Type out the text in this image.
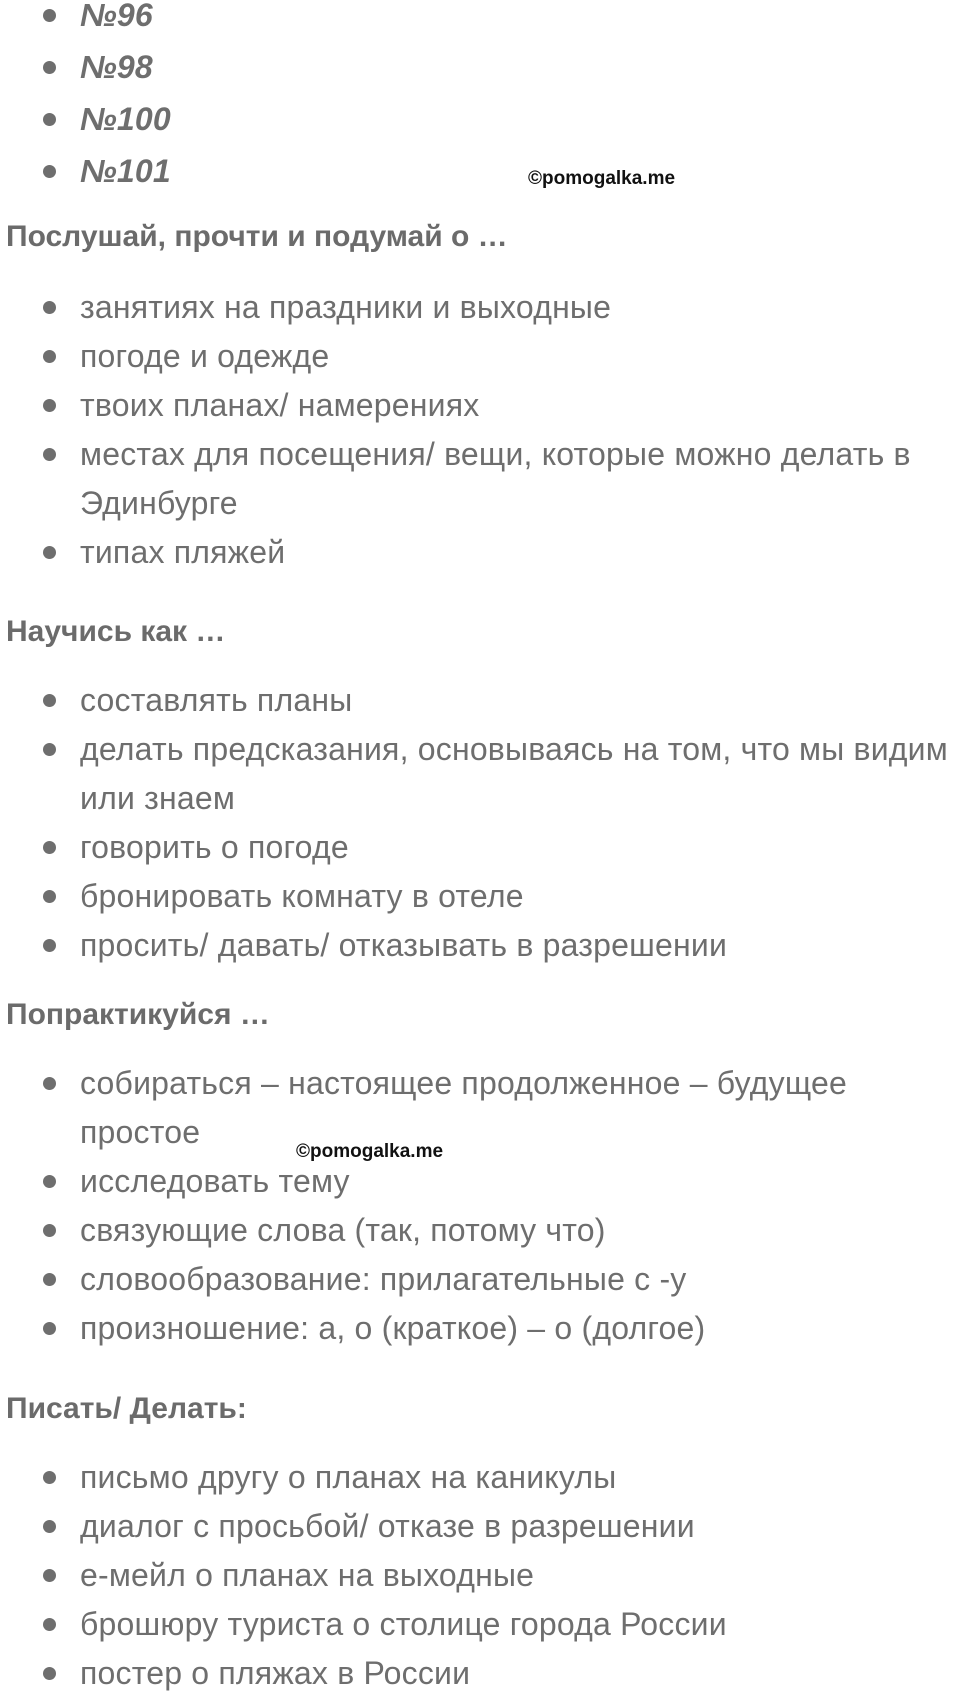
№96
№98
№100
№101	©pomogalka.me
Послушай, прочти и подумай о …
занятиях на праздники и выходные
погоде и одежде
твоих планах/ намерениях
местах для посещения/ вещи, которые можно делать в Эдинбурге
типах пляжей
Научись как …
составлять планы
делать предсказания, основываясь на том, что мы видим или знаем
говорить о погоде
бронировать комнату в отеле
просить/ давать/ отказывать в разрешении
Попрактикуйся …
собираться – настоящее продолженное – будущее простое
исследовать тему
связующие слова (так, потому что)
словообразование: прилагательные с -y
произношение: a, o (краткое) – o (долгое)
©pomogalka.me
Писать/ Делать:
письмо другу о планах на каникулы
диалог с просьбой/ отказе в разрешении
е-мейл о планах на выходные
брошюру туриста о столице города России
постер о пляжах в России
